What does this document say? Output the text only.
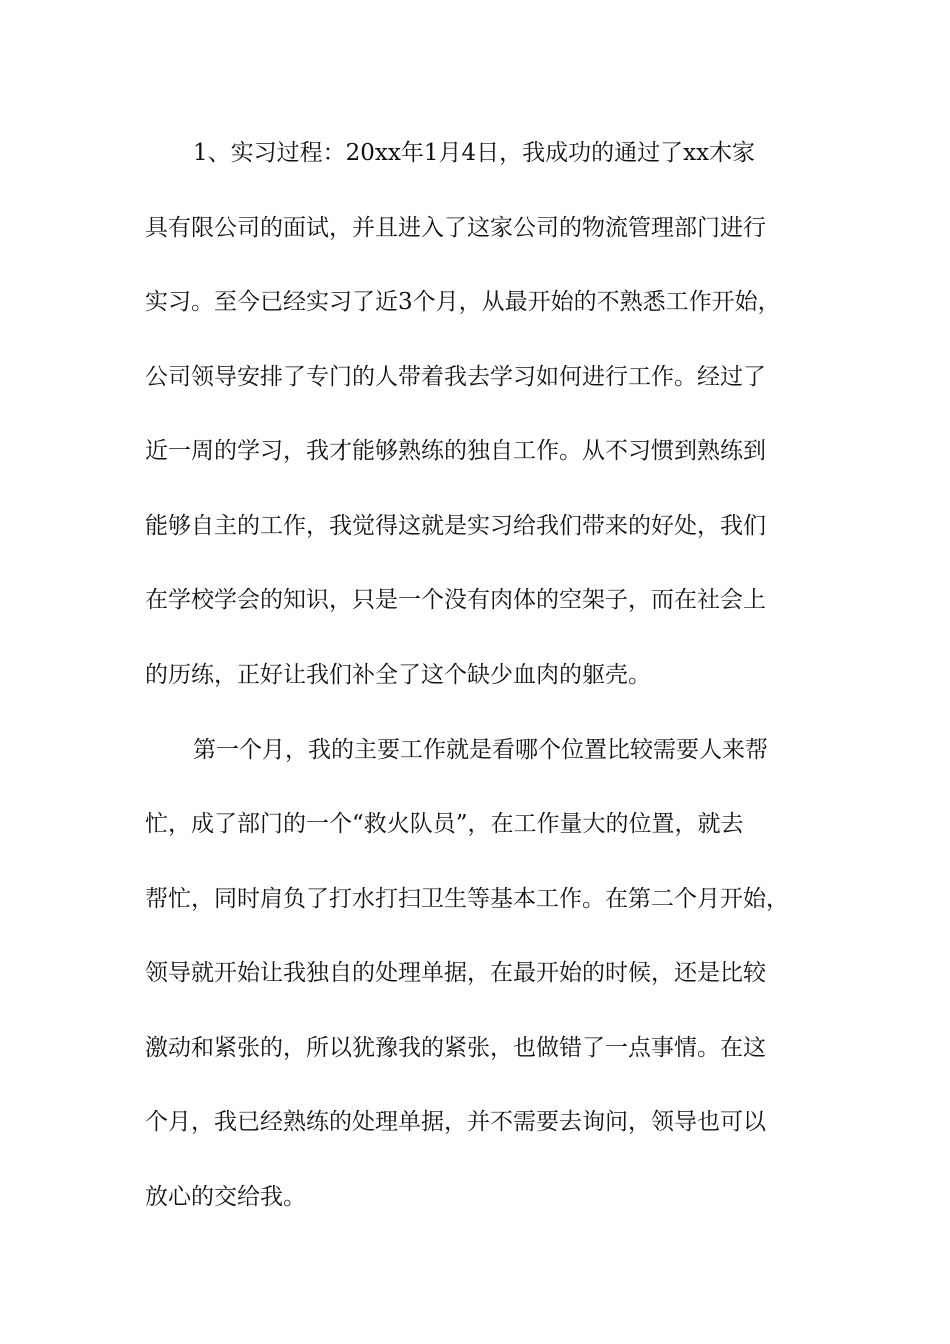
1、实习过程：20xx年1月4日，我成功的通过了xx木家

具有限公司的面试，并且进入了这家公司的物流管理部门进行

实习。至今已经实习了近3个月，从最开始的不熟悉工作开始，

公司领导安排了专门的人带着我去学习如何进行工作。经过了

近一周的学习，我才能够熟练的独自工作。从不习惯到熟练到

能够自主的工作，我觉得这就是实习给我们带来的好处，我们

在学校学会的知识，只是一个没有肉体的空架子，而在社会上

的历练，正好让我们补全了这个缺少血肉的躯壳。

第一个月，我的主要工作就是看哪个位置比较需要人来帮

忙，成了部门的一个“救火队员”，在工作量大的位置，就去

帮忙，同时肩负了打水打扫卫生等基本工作。在第二个月开始，

领导就开始让我独自的处理单据，在最开始的时候，还是比较

激动和紧张的，所以犹豫我的紧张，也做错了一点事情。在这

个月，我已经熟练的处理单据，并不需要去询问，领导也可以

放心的交给我。
